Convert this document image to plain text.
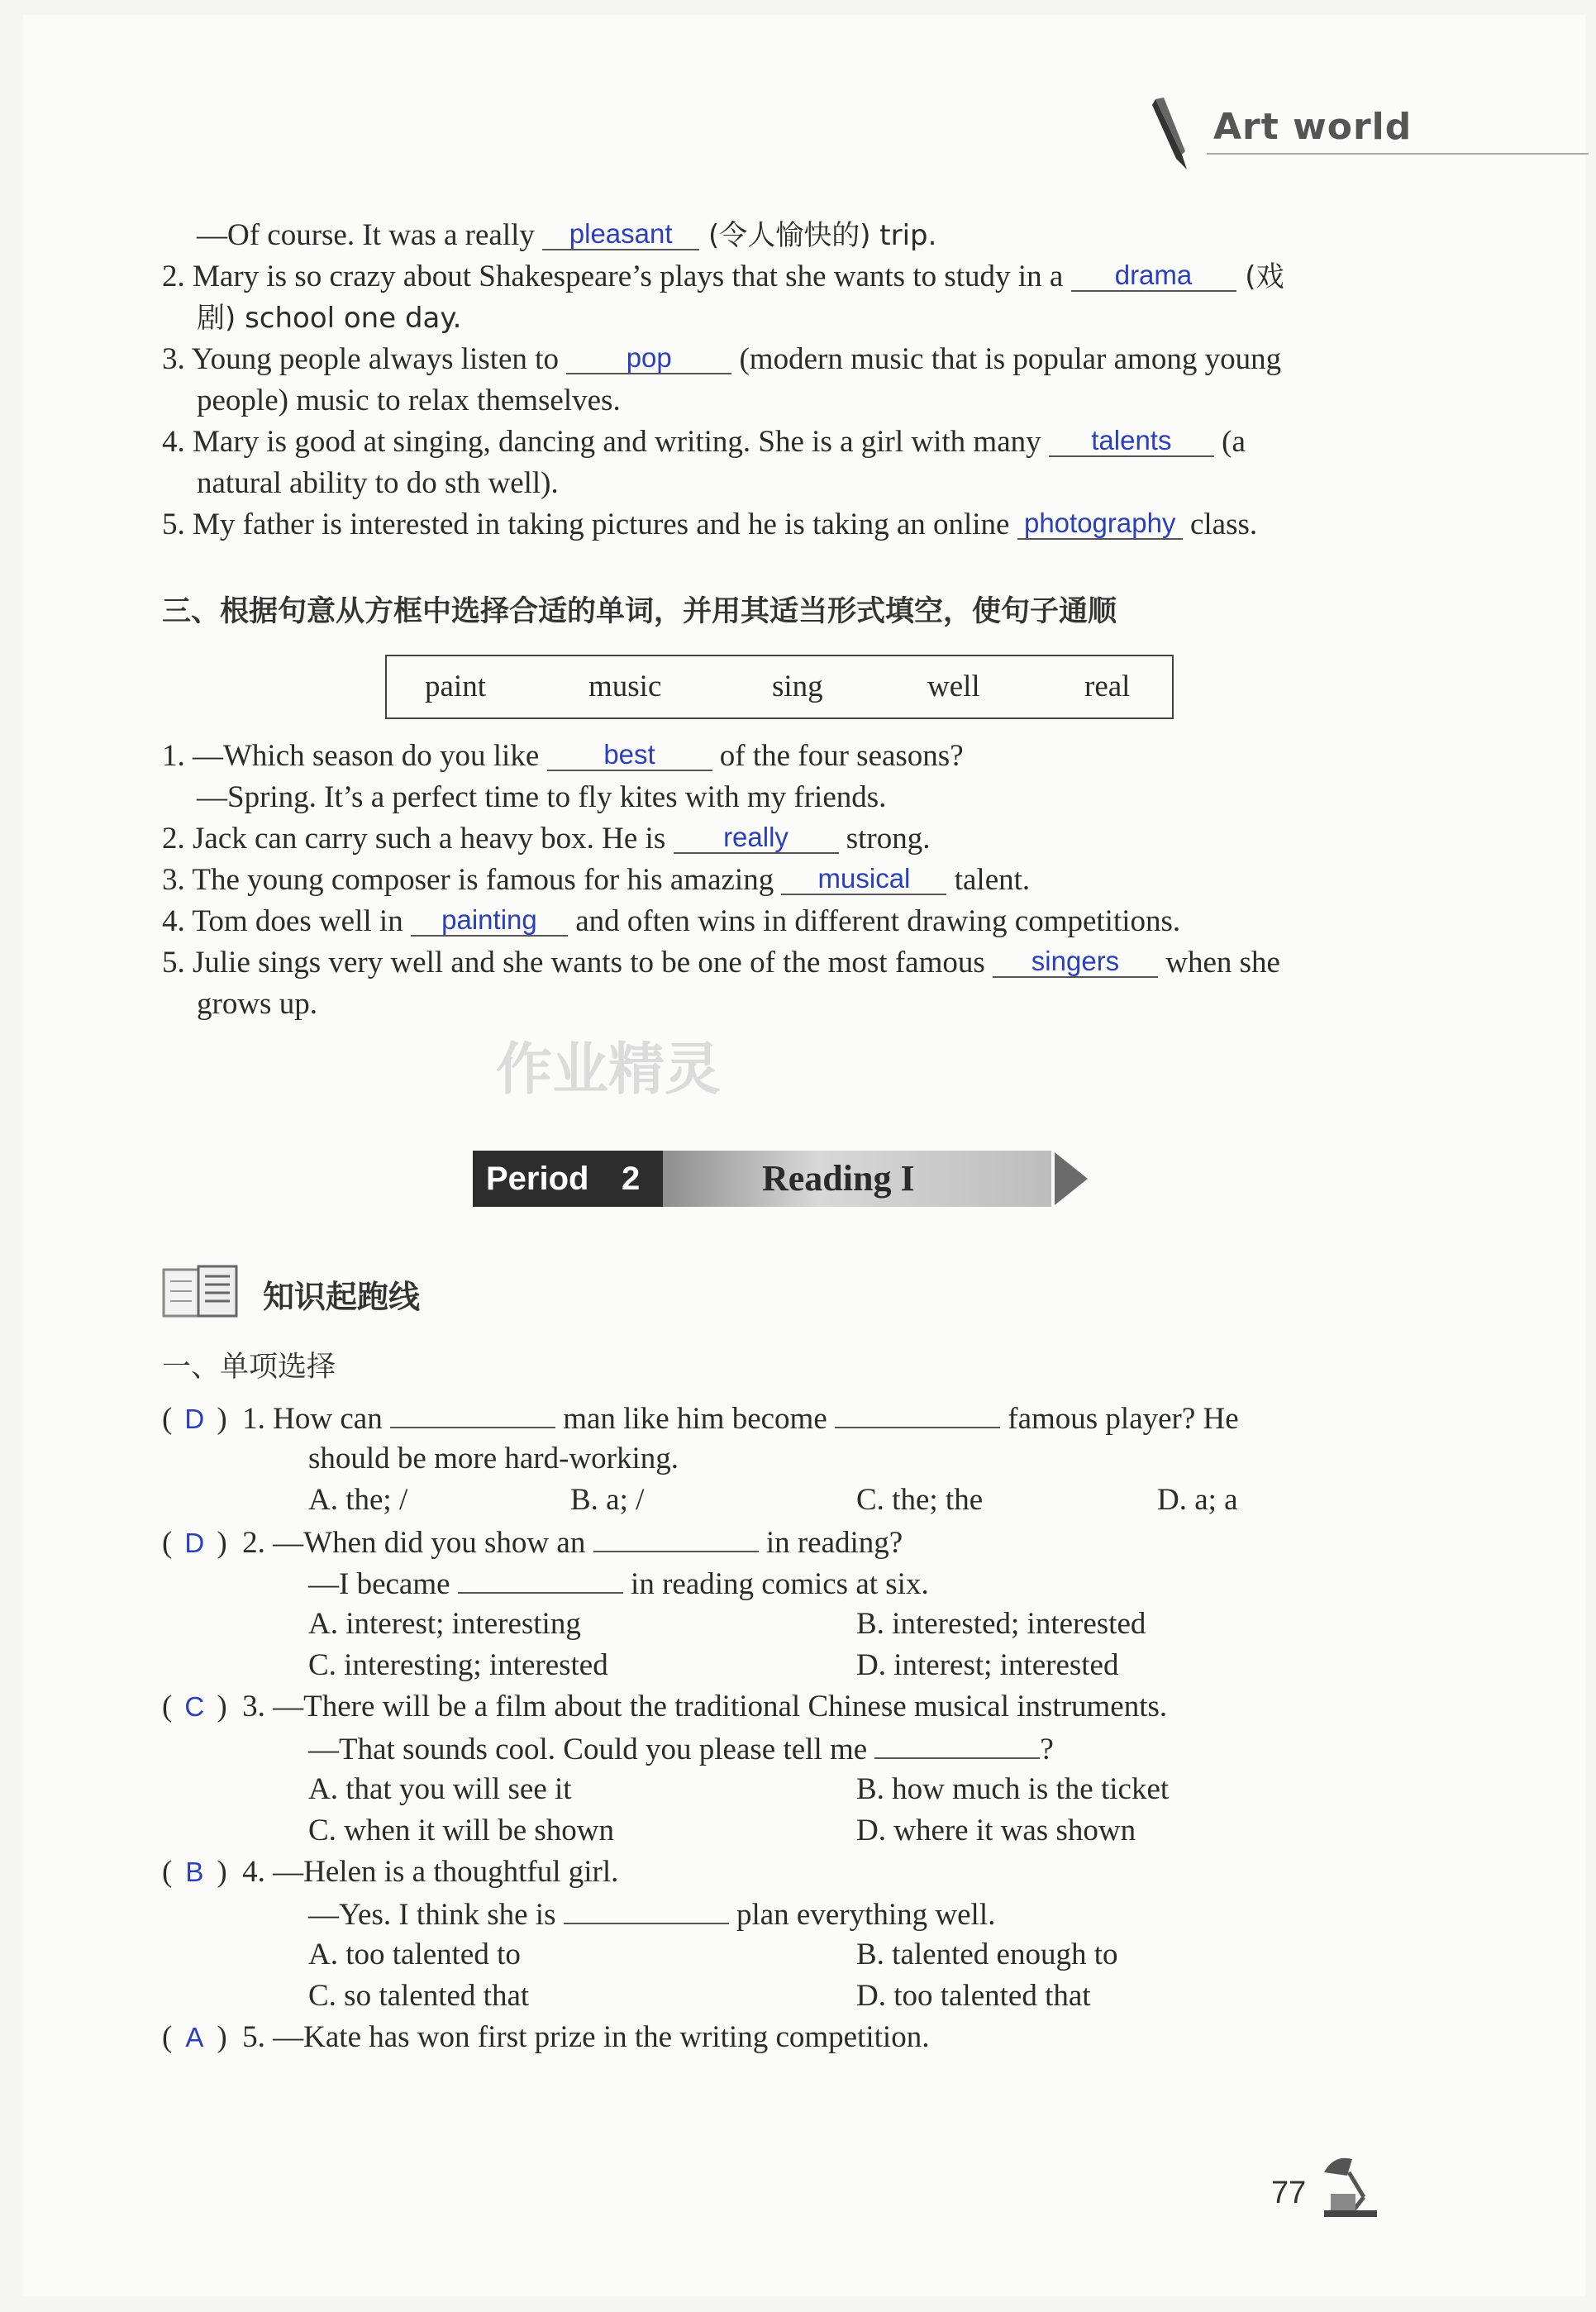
Art world
—Of course. It was a really pleasant (令人愉快的) trip.
2. Mary is so crazy about Shakespeare’s plays that she wants to study in a drama (戏
剧) school one day.
3. Young people always listen to pop (modern music that is popular among young
people) music to relax themselves.
4. Mary is good at singing, dancing and writing. She is a girl with many talents (a
natural ability to do sth well).
5. My father is interested in taking pictures and he is taking an online photography class.
三、根据句意从方框中选择合适的单词，并用其适当形式填空，使句子通顺
paint	music	sing	well	real
1. —Which season do you like best of the four seasons?
—Spring. It’s a perfect time to fly kites with my friends.
2. Jack can carry such a heavy box. He is really strong.
3. The young composer is famous for his amazing musical talent.
4. Tom does well in painting and often wins in different drawing competitions.
5. Julie sings very well and she wants to be one of the most famous singers when she
grows up.
作业精灵
Period 2	Reading I
知识起跑线
一、单项选择
( D )  1. How can	man like him become	famous player? He
should be more hard-working.
A. the; /	B. a; /	C. the; the	D. a; a
( D )  2. —When did you show an	in reading?
—I became	in reading comics at six.
A. interest; interesting	B. interested; interested
C. interesting; interested	D. interest; interested
( C )  3. —There will be a film about the traditional Chinese musical instruments.
—That sounds cool. Could you please tell me	?
A. that you will see it	B. how much is the ticket
C. when it will be shown	D. where it was shown
( B )  4. —Helen is a thoughtful girl.
—Yes. I think she is	plan everything well.
A. too talented to	B. talented enough to
C. so talented that	D. too talented that
( A )  5. —Kate has won first prize in the writing competition.
77
